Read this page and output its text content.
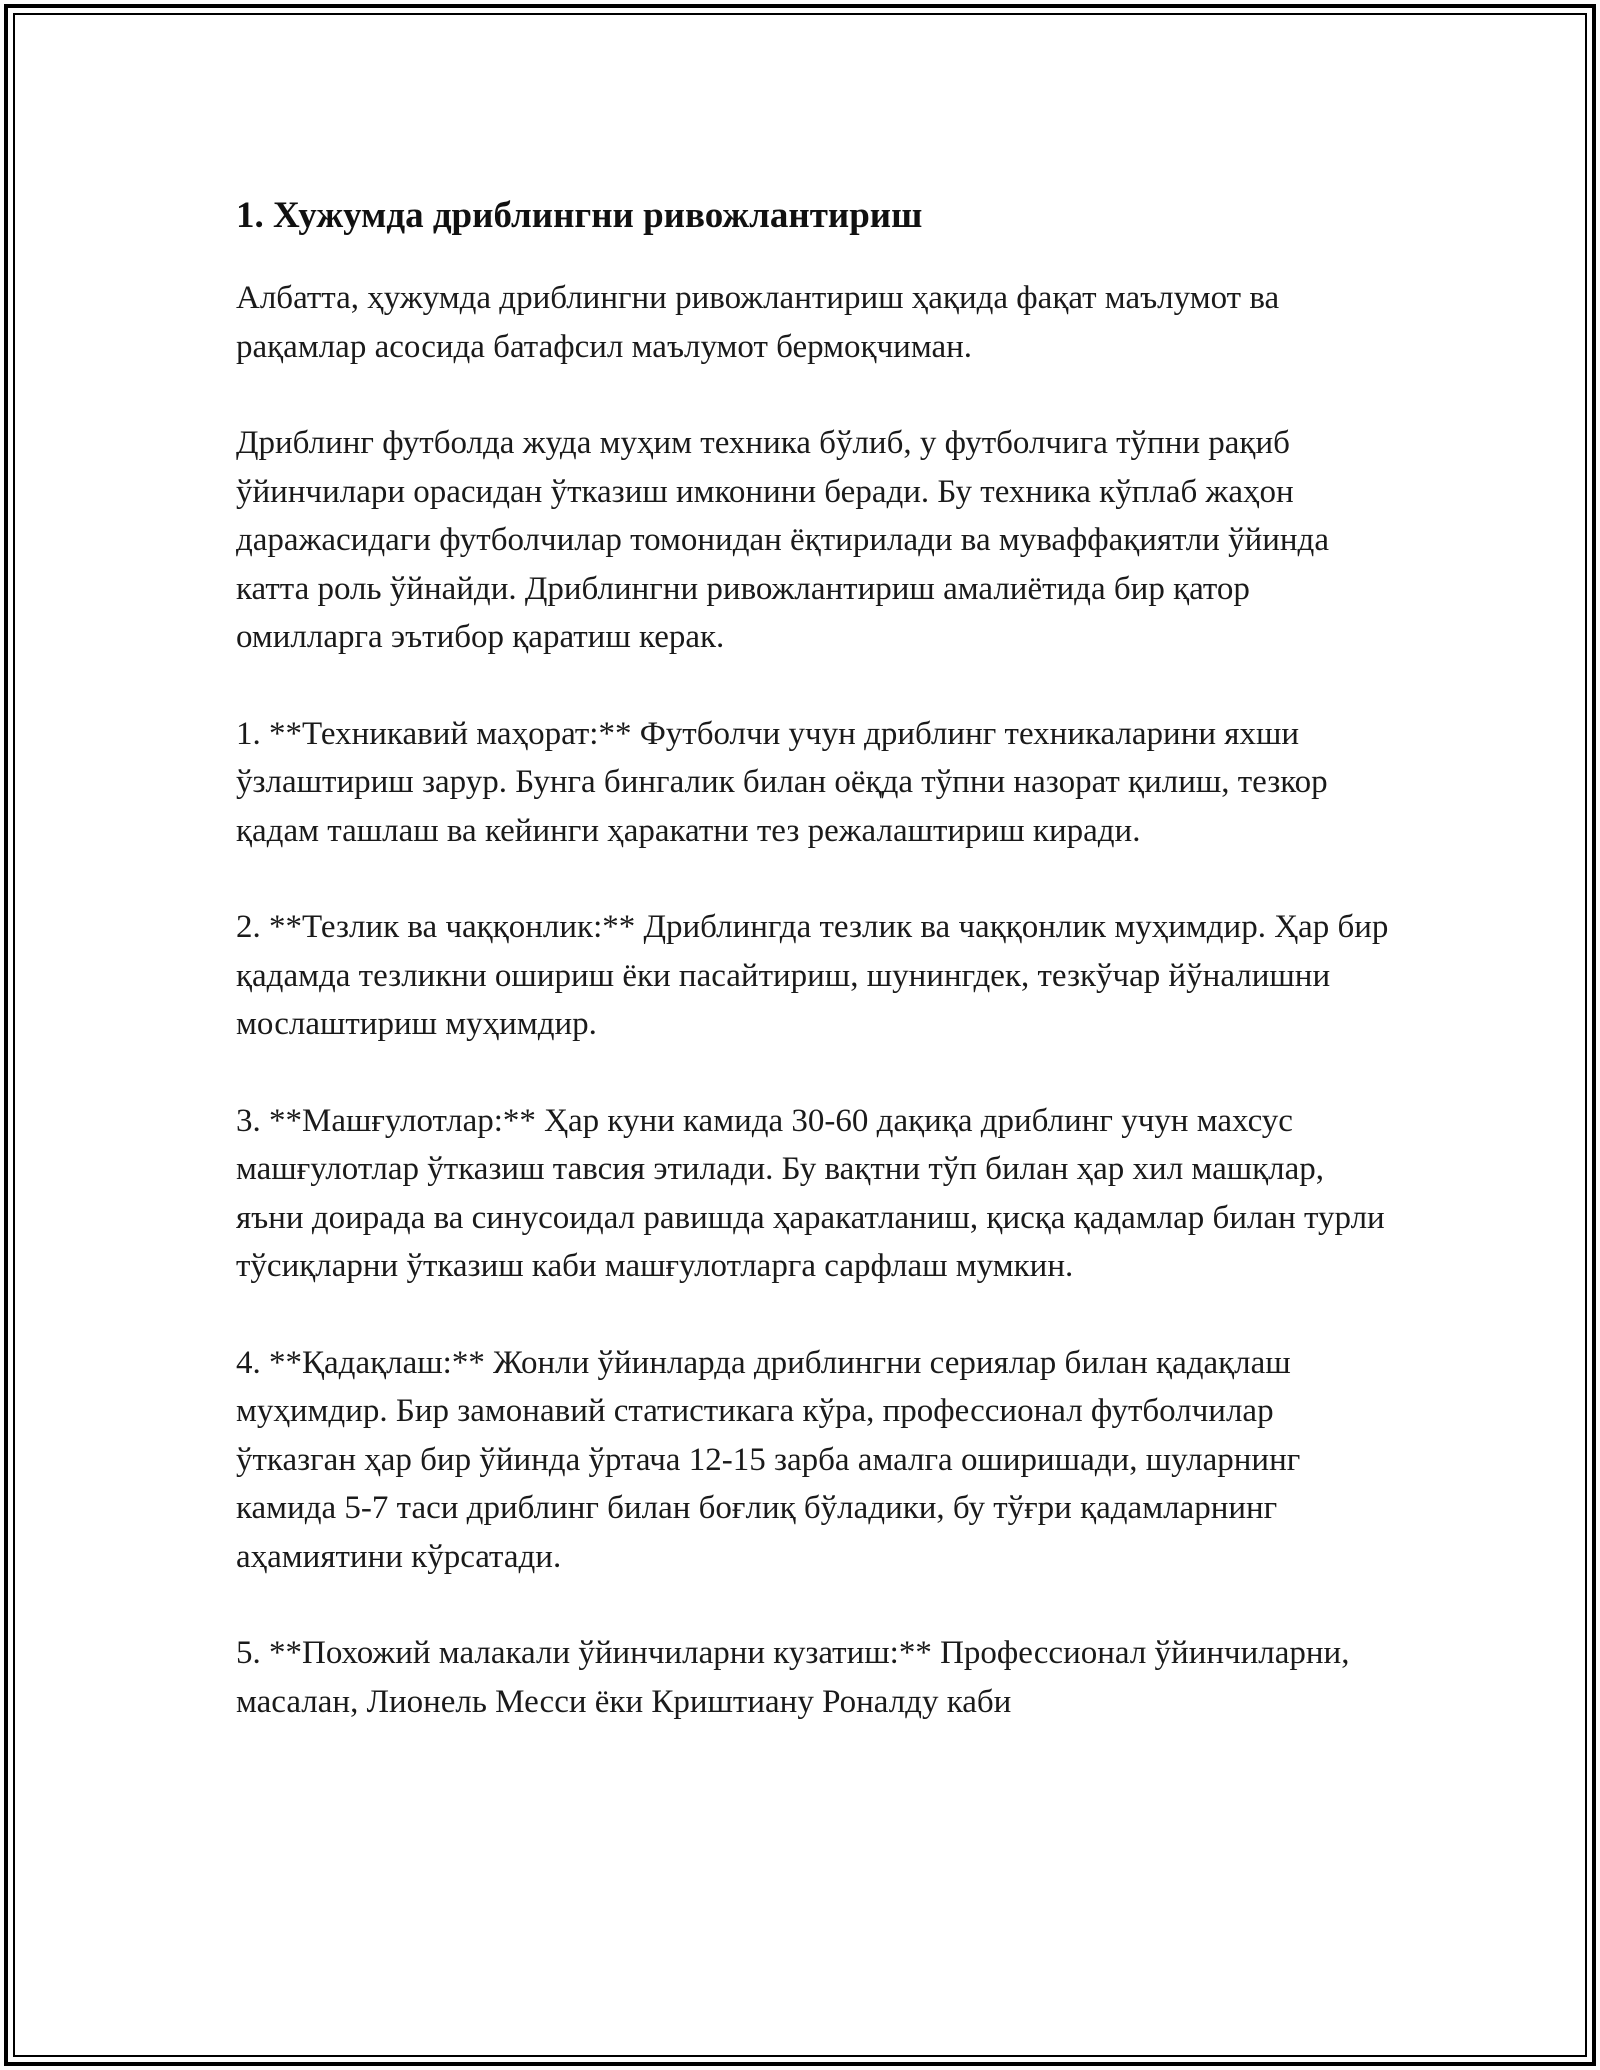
1. Хужумда дриблингни ривожлантириш

Албатта, ҳужумда дриблингни ривожлантириш ҳақида фақат маълумот ва рақамлар асосида батафсил маълумот бермоқчиман.

Дриблинг футболда жуда муҳим техника бўлиб, у футболчига тўпни рақиб ўйинчилари орасидан ўтказиш имконини беради. Бу техника кўплаб жаҳон даражасидаги футболчилар томонидан ёқтирилади ва муваффақиятли ўйинда катта роль ўйнайди. Дриблингни ривожлантириш амалиётида бир қатор омилларга эътибор қаратиш керак.

1. **Техникавий маҳорат:** Футболчи учун дриблинг техникаларини яхши ўзлаштириш зарур. Бунга бингалик билан оёқда тўпни назорат қилиш, тезкор қадам ташлаш ва кейинги ҳаракатни тез режалаштириш киради.

2. **Тезлик ва чаққонлик:** Дриблингда тезлик ва чаққонлик муҳимдир. Ҳар бир қадамда тезликни ошириш ёки пасайтириш, шунингдек, тезкўчар йўналишни мослаштириш муҳимдир.

3. **Машғулотлар:** Ҳар куни камида 30-60 дақиқа дриблинг учун махсус машғулотлар ўтказиш тавсия этилади. Бу вақтни тўп билан ҳар хил машқлар, яъни доирада ва синусоидал равишда ҳаракатланиш, қисқа қадамлар билан турли тўсиқларни ўтказиш каби машғулотларга сарфлаш мумкин.

4. **Қадақлаш:** Жонли ўйинларда дриблингни сериялар билан қадақлаш муҳимдир. Бир замонавий статистикага кўра, профессионал футболчилар ўтказган ҳар бир ўйинда ўртача 12-15 зарба амалга оширишади, шуларнинг камида 5-7 таси дриблинг билан боғлиқ бўладики, бу тўғри қадамларнинг аҳамиятини кўрсатади.

5. **Похожий малакали ўйинчиларни кузатиш:** Профессионал ўйинчиларни, масалан, Лионель Месси ёки Криштиану Роналду каби
